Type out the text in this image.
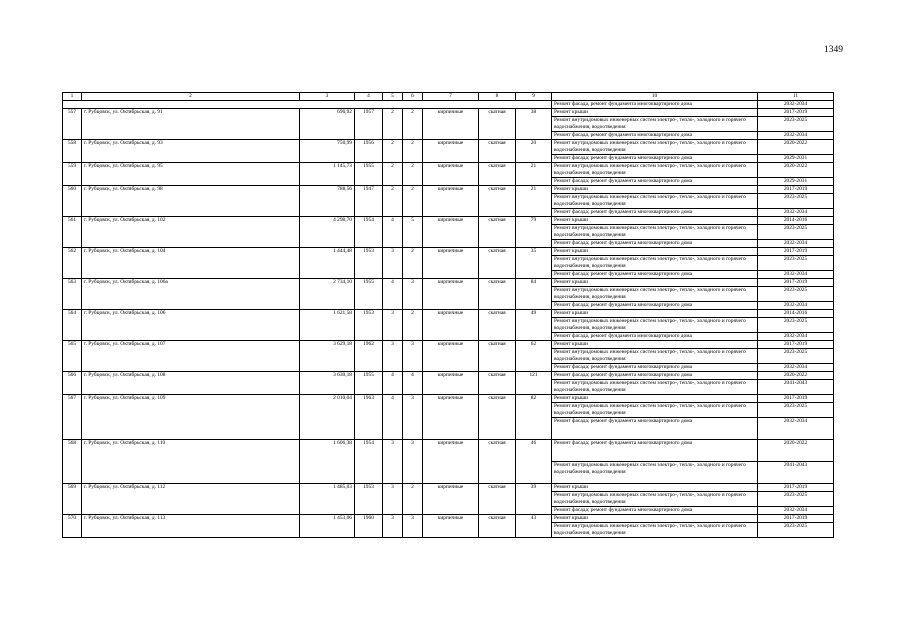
1349
1	2	3	4	5	6	7	8	9	10	11
									Ремонт фасада, ремонт фундамента многоквартирного дома	2032-2034
557	г. Рубцовск, ул. Октябрьская, д. 91	690,92	1957	2	2	кирпичные	скатная	38	Ремонт крыши	2017-2019
									Ремонт внутридомовых инженерных систем электро-, тепло-, холодного и горячего водоснабжения, водоотведения	2023-2025
									Ремонт фасада, ремонт фундамента многоквартирного дома	2032-2034
558	г. Рубцовск, ул. Октябрьская, д. 93	750,99	1956	2	2	кирпичные	скатная	20	Ремонт внутридомовых инженерных систем электро-, тепло-, холодного и горячего водоснабжения, водоотведения	2020-2022
									Ремонт фасада; ремонт фундамента многоквартирного дома	2029-2031
559	г. Рубцовск, ул. Октябрьская, д. 95	1 145,73	1955	2	2	кирпичные	скатная	21	Ремонт внутридомовых инженерных систем электро-, тепло-, холодного и горячего водоснабжения, водоотведения	2020-2022
									Ремонт фасада; ремонт фундамента многоквартирного дома	2029-2031
560	г. Рубцовск, ул. Октябрьская, д. 98	788,56	1947	2	2	кирпичные	скатная	21	Ремонт крыши	2017-2019
									Ремонт внутридомовых инженерных систем электро-, тепло-, холодного и горячего водоснабжения, водоотведения	2023-2025
									Ремонт фасада; ремонт фундамента многоквартирного дома	2032-2034
561	г. Рубцовск, ул. Октябрьская, д. 102	4 298,70	1954	4	5	кирпичные	скатная	79	Ремонт крыши	2014-2016
									Ремонт внутридомовых инженерных систем электро-, тепло-, холодного и горячего водоснабжения, водоотведения	2023-2025
									Ремонт фасада; ремонт фундамента многоквартирного дома	2032-2034
562	г. Рубцовск, ул. Октябрьская, д. 104	1 444,48	1953	3	2	кирпичные	скатная	35	Ремонт крыши	2017-2019
									Ремонт внутридомовых инженерных систем электро-, тепло-, холодного и горячего водоснабжения, водоотведения	2023-2025
									Ремонт фасада; ремонт фундамента многоквартирного дома	2032-2034
563	г. Рубцовск, ул. Октябрьская, д. 106а	2 734,10	1955	4	3	кирпичные	скатная	84	Ремонт крыши	2017-2019
									Ремонт внутридомовых инженерных систем электро-, тепло-, холодного и горячего водоснабжения, водоотведения	2023-2025
									Ремонт фасада; ремонт фундамента многоквартирного дома	2032-2034
564	г. Рубцовск, ул. Октябрьская, д. 106	1 621,58	1953	3	2	кирпичные	скатная	49	Ремонт крыши	2014-2016
									Ремонт внутридомовых инженерных систем электро-, тепло-, холодного и горячего водоснабжения, водоотведения	2023-2025
									Ремонт фасада, ремонт фундамента многоквартирного дома	2032-2034
565	г. Рубцовск, ул. Октябрьская, д. 107	3 629,18	1962	3	3	кирпичные	скатная	62	Ремонт крыши	2017-2019
									Ремонт внутридомовых инженерных систем электро-, тепло-, холодного и горячего водоснабжения, водоотведения	2023-2025
									Ремонт фасада; ремонт фундамента многоквартирного дома	2032-2034
566	г. Рубцовск, ул. Октябрьская, д. 108	3 630,18	1955	4	4	кирпичные	скатная	121	Ремонт фасада; ремонт фундамента многоквартирного дома	2020-2022
									Ремонт внутридомовых инженерных систем электро-, тепло-, холодного и горячего водоснабжения, водоотведения	2041-2043
567	г. Рубцовск, ул. Октябрьская, д. 109	2 010,04	1963	4	3	кирпичные	скатная	82	Ремонт крыши	2017-2019
									Ремонт внутридомовых инженерных систем электро-, тепло-, холодного и горячего водоснабжения, водоотведения	2023-2025
									Ремонт фасада; ремонт фундамента многоквартирного дома	2032-2034
568	г. Рубцовск, ул. Октябрьская, д. 110	1 606,38	1954	3	3	кирпичные	скатная	46	Ремонт фасада; ремонт фундамента многоквартирного дома	2020-2022
									Ремонт внутридомовых инженерных систем электро-, тепло-, холодного и горячего водоснабжения, водоотведения	2041-2043
569	г. Рубцовск, ул. Октябрьская, д. 112	1 485,03	1953	3	2	кирпичные	скатная	39	Ремонт крыши	2017-2019
									Ремонт внутридомовых инженерных систем электро-, тепло-, холодного и горячего водоснабжения, водоотведения	2023-2025
									Ремонт фасада; ремонт фундамента многоквартирного дома	2032-2034
570	г. Рубцовск, ул. Октябрьская, д. 113	1 453,06	1960	3	3	кирпичные	скатная	43	Ремонт крыши	2017-2019
									Ремонт внутридомовых инженерных систем электро-, тепло-, холодного и горячего водоснабжения, водоотведения	2023-2025
